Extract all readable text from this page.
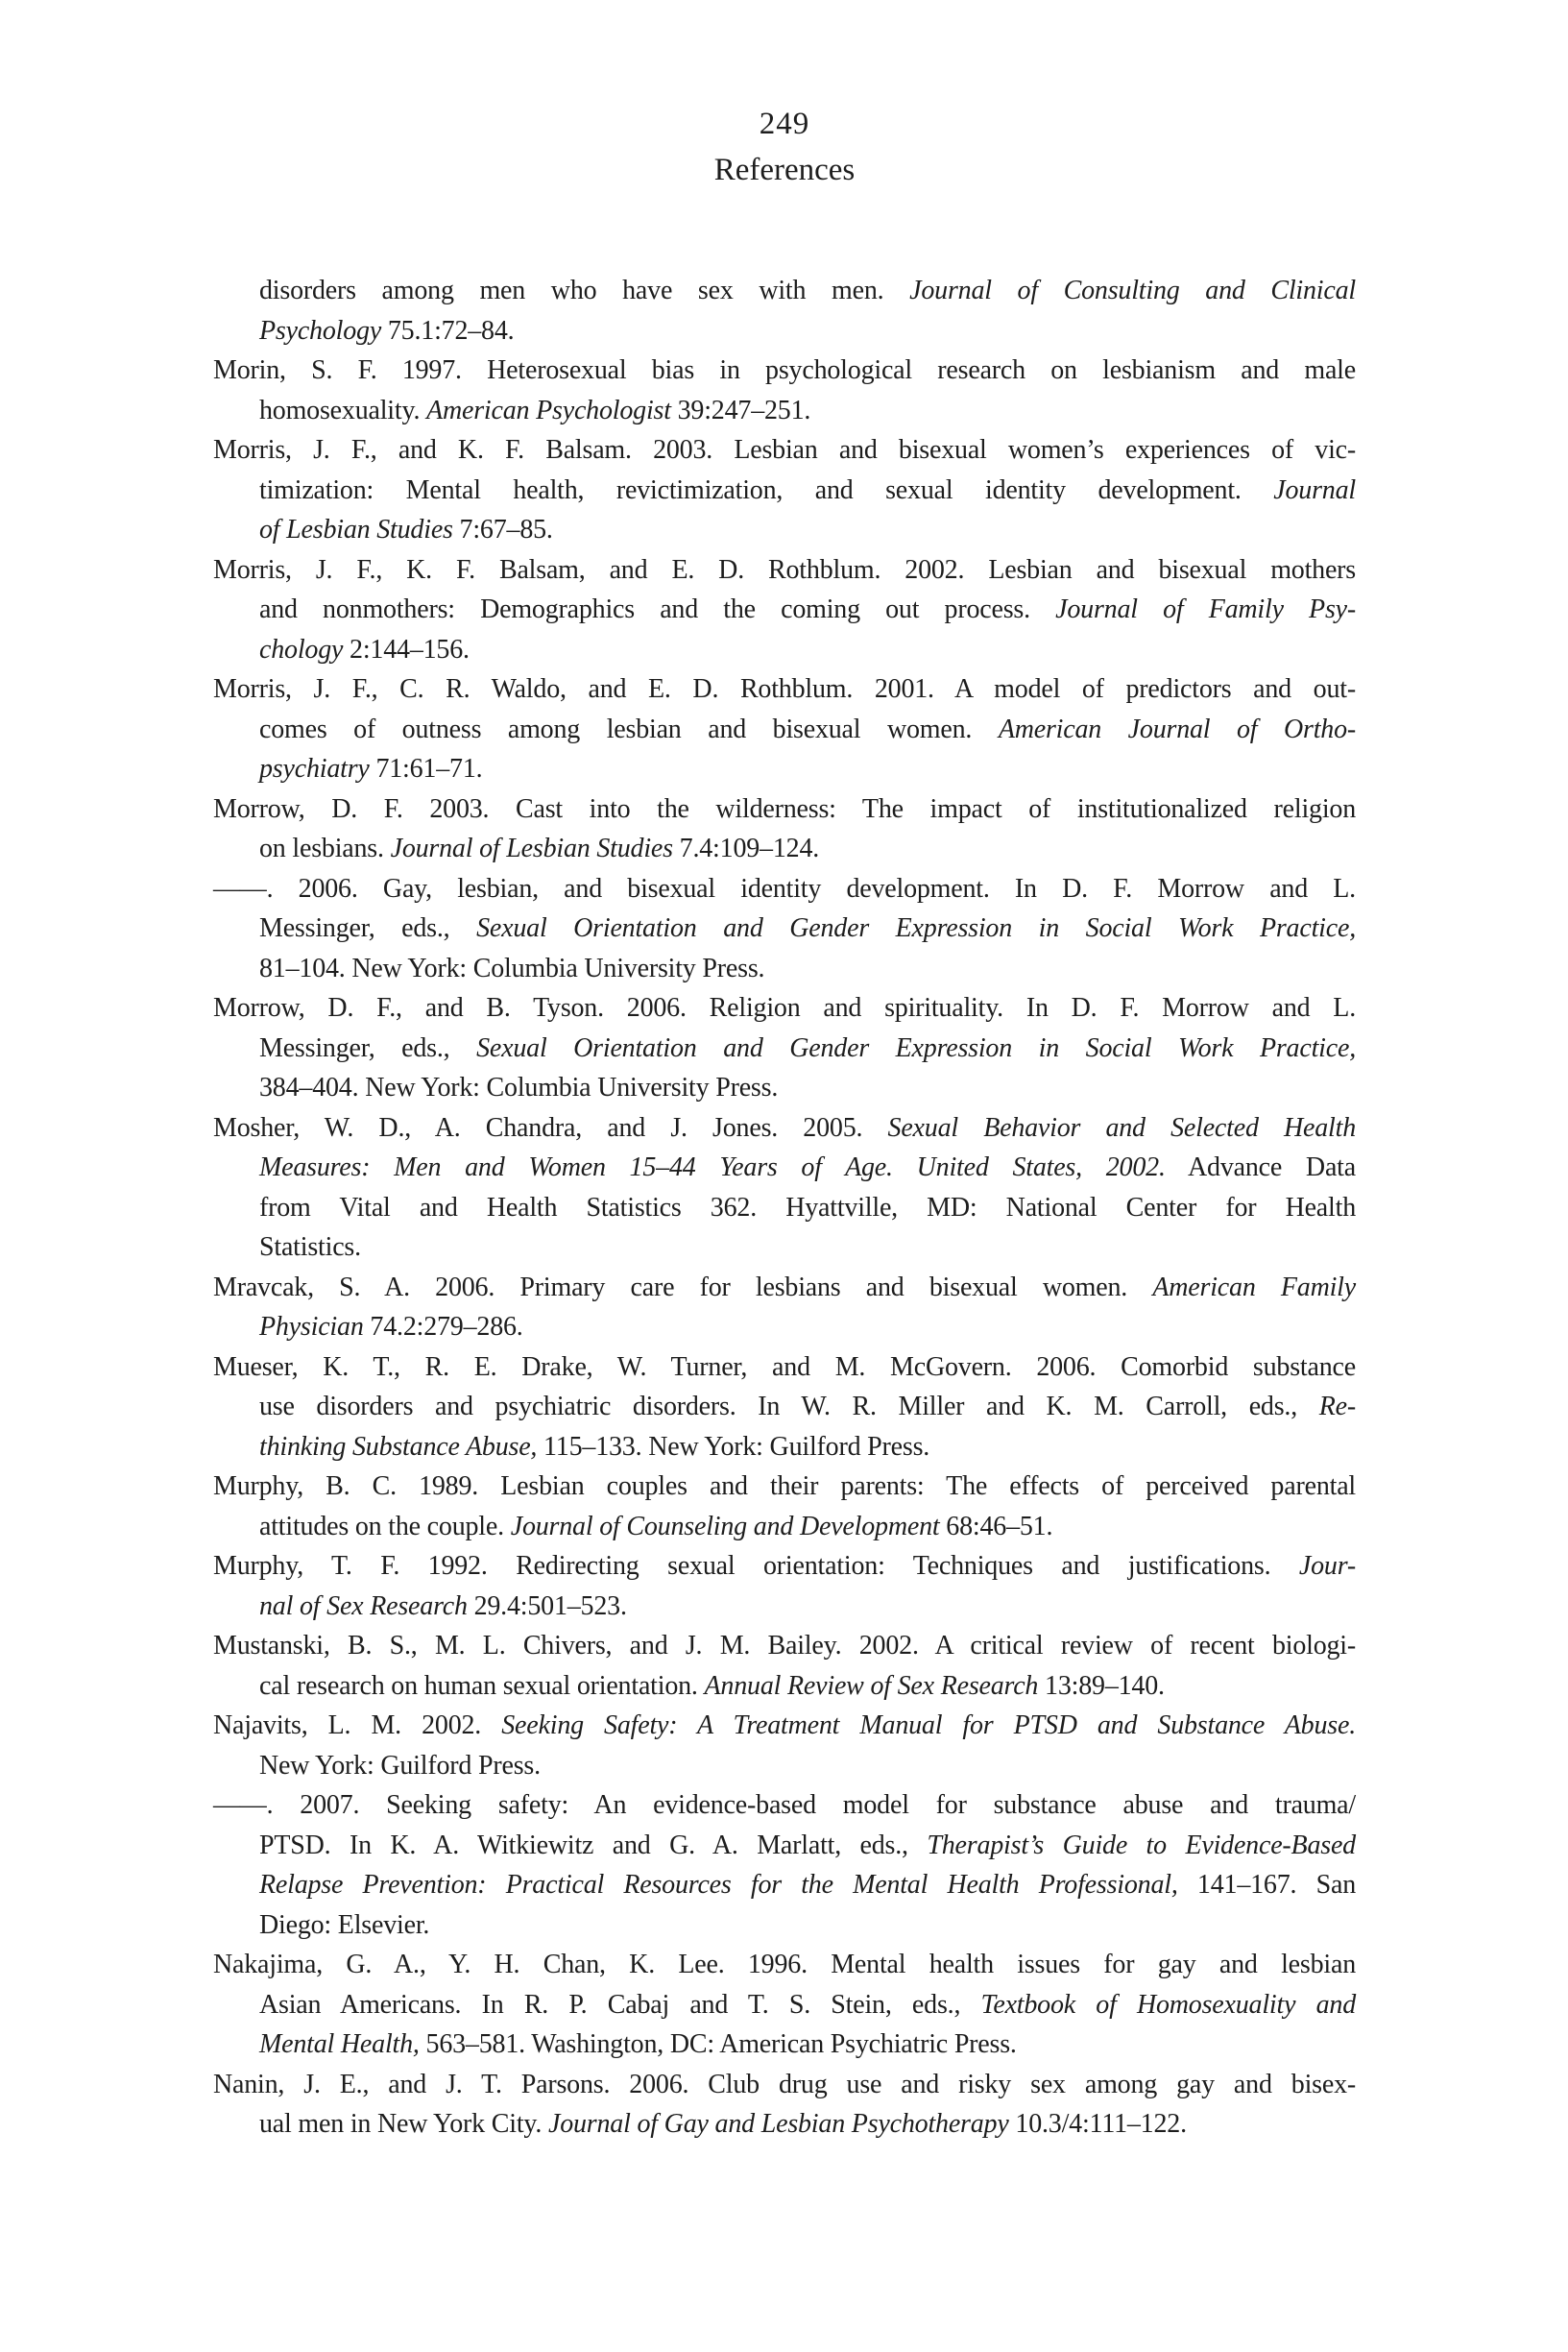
249
References
disorders among men who have sex with men. Journal of Consulting and Clinical
Psychology 75.1:72–84.
Morin, S. F. 1997. Heterosexual bias in psychological research on lesbianism and male
homosexuality. American Psychologist 39:247–251.
Morris, J. F., and K. F. Balsam. 2003. Lesbian and bisexual women’s experiences of vic-
timization: Mental health, revictimization, and sexual identity development. Journal
of Lesbian Studies 7:67–85.
Morris, J. F., K. F. Balsam, and E. D. Rothblum. 2002. Lesbian and bisexual mothers
and nonmothers: Demographics and the coming out process. Journal of Family Psy-
chology 2:144–156.
Morris, J. F., C. R. Waldo, and E. D. Rothblum. 2001. A model of predictors and out-
comes of outness among lesbian and bisexual women. American Journal of Ortho-
psychiatry 71:61–71.
Morrow, D. F. 2003. Cast into the wilderness: The impact of institutionalized religion
on lesbians. Journal of Lesbian Studies 7.4:109–124.
——. 2006. Gay, lesbian, and bisexual identity development. In D. F. Morrow and L.
Messinger, eds., Sexual Orientation and Gender Expression in Social Work Practice,
81–104. New York: Columbia University Press.
Morrow, D. F., and B. Tyson. 2006. Religion and spirituality. In D. F. Morrow and L.
Messinger, eds., Sexual Orientation and Gender Expression in Social Work Practice,
384–404. New York: Columbia University Press.
Mosher, W. D., A. Chandra, and J. Jones. 2005. Sexual Behavior and Selected Health
Measures: Men and Women 15–44 Years of Age. United States, 2002. Advance Data
from Vital and Health Statistics 362. Hyattville, MD: National Center for Health
Statistics.
Mravcak, S. A. 2006. Primary care for lesbians and bisexual women. American Family
Physician 74.2:279–286.
Mueser, K. T., R. E. Drake, W. Turner, and M. McGovern. 2006. Comorbid substance
use disorders and psychiatric disorders. In W. R. Miller and K. M. Carroll, eds., Re-
thinking Substance Abuse, 115–133. New York: Guilford Press.
Murphy, B. C. 1989. Lesbian couples and their parents: The effects of perceived parental
attitudes on the couple. Journal of Counseling and Development 68:46–51.
Murphy, T. F. 1992. Redirecting sexual orientation: Techniques and justifications. Jour-
nal of Sex Research 29.4:501–523.
Mustanski, B. S., M. L. Chivers, and J. M. Bailey. 2002. A critical review of recent biologi-
cal research on human sexual orientation. Annual Review of Sex Research 13:89–140.
Najavits, L. M. 2002. Seeking Safety: A Treatment Manual for PTSD and Substance Abuse.
New York: Guilford Press.
——. 2007. Seeking safety: An evidence-based model for substance abuse and trauma/
PTSD. In K. A. Witkiewitz and G. A. Marlatt, eds., Therapist’s Guide to Evidence-Based
Relapse Prevention: Practical Resources for the Mental Health Professional, 141–167. San
Diego: Elsevier.
Nakajima, G. A., Y. H. Chan, K. Lee. 1996. Mental health issues for gay and lesbian
Asian Americans. In R. P. Cabaj and T. S. Stein, eds., Textbook of Homosexuality and
Mental Health, 563–581. Washington, DC: American Psychiatric Press.
Nanin, J. E., and J. T. Parsons. 2006. Club drug use and risky sex among gay and bisex-
ual men in New York City. Journal of Gay and Lesbian Psychotherapy 10.3/4:111–122.
